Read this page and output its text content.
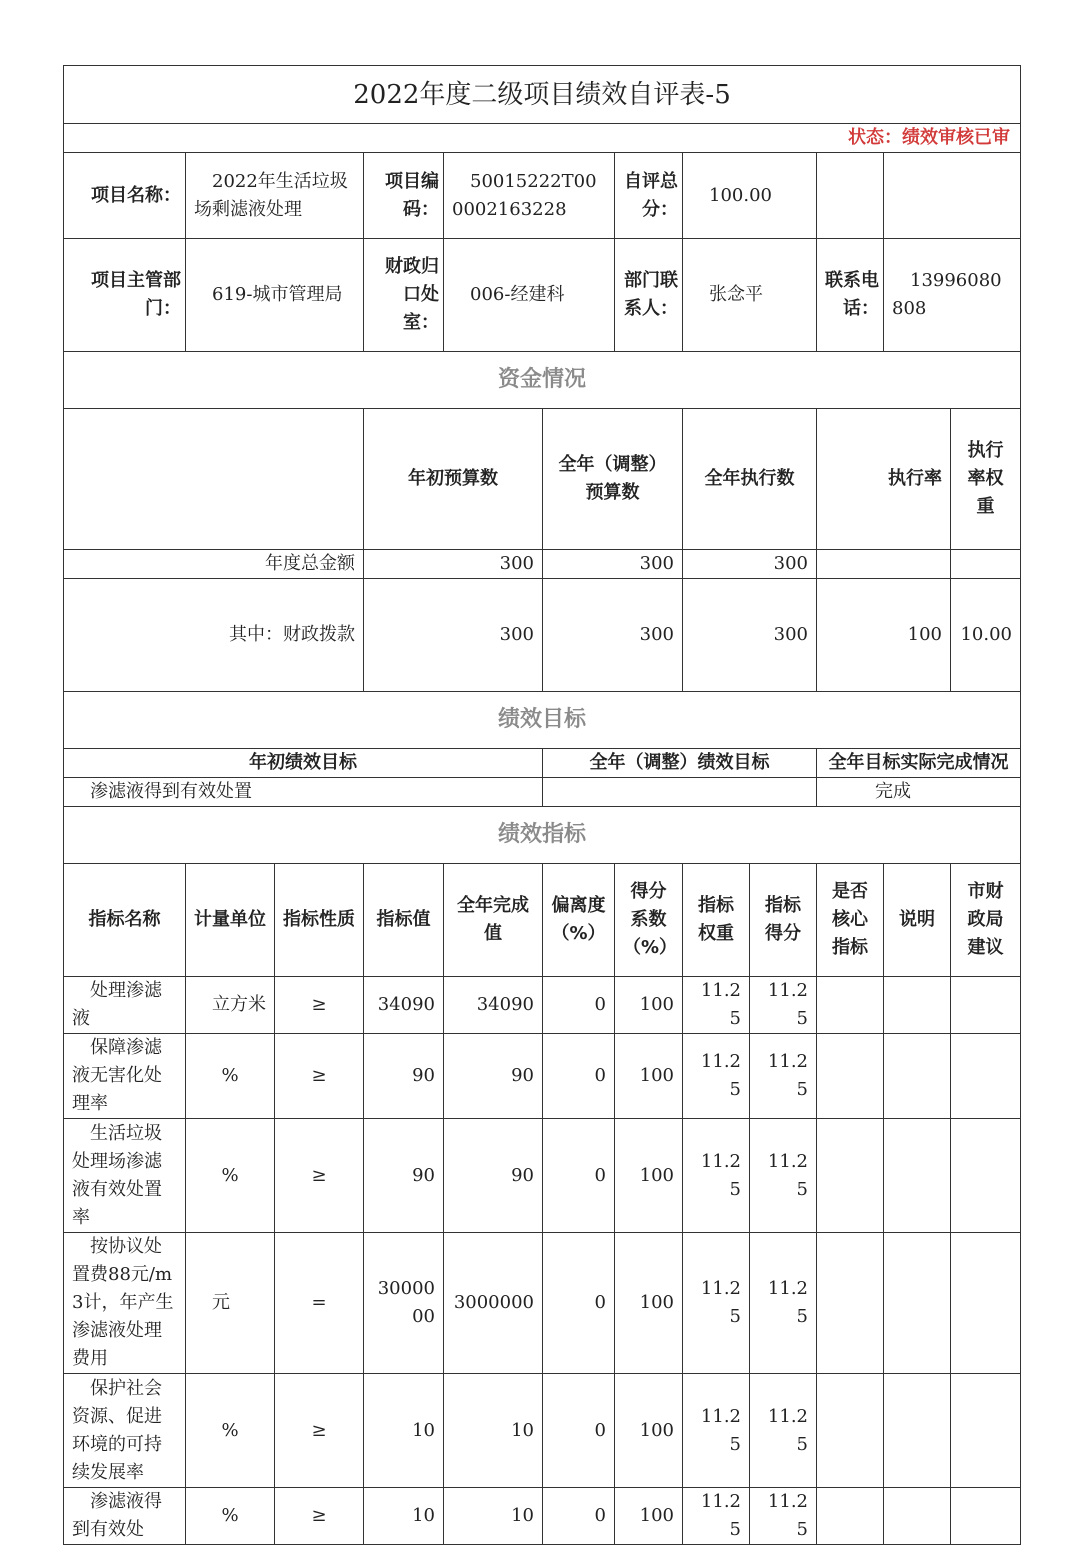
2022年度二级项目绩效自评表-5												
状态：绩效审核已审												
项目名称：	2022年生活垃圾场剩滤液处理		项目编码：	50015222T000002163228		自评总分：	100.00					
项目主管部门：	619-城市管理局		财政归口处室：	006-经建科		部门联系人：	张念平		联系电话：	13996080808		
资金情况												
			年初预算数		全年（调整）预算数		全年执行数		执行率		执行率权重	
年度总金额			300		300		300					
其中：财政拨款			300		300		300		100		10.00	
绩效目标												
年初绩效目标					全年（调整）绩效目标				全年目标实际完成情况			
渗滤液得到有效处置									完成			
绩效指标												
指标名称	计量单位	指标性质	指标值	全年完成值	偏离度（%）	得分系数（%）	指标权重	指标得分	是否核心指标	说明	市财政局建议	
处理渗滤液	立方米	≥	34090	34090	0	100	11.25	11.25				
保障渗滤液无害化处理率	%	≥	90	90	0	100	11.25	11.25				
生活垃圾处理场渗滤液有效处置率	%	≥	90	90	0	100	11.25	11.25				
按协议处置费88元/m3计，年产生渗滤液处理费用	元	=	3000000	3000000	0	100	11.25	11.25				
保护社会资源、促进环境的可持续发展率	%	≥	10	10	0	100	11.25	11.25				
渗滤液得到有效处	%	≥	10	10	0	100	11.25	11.25				
